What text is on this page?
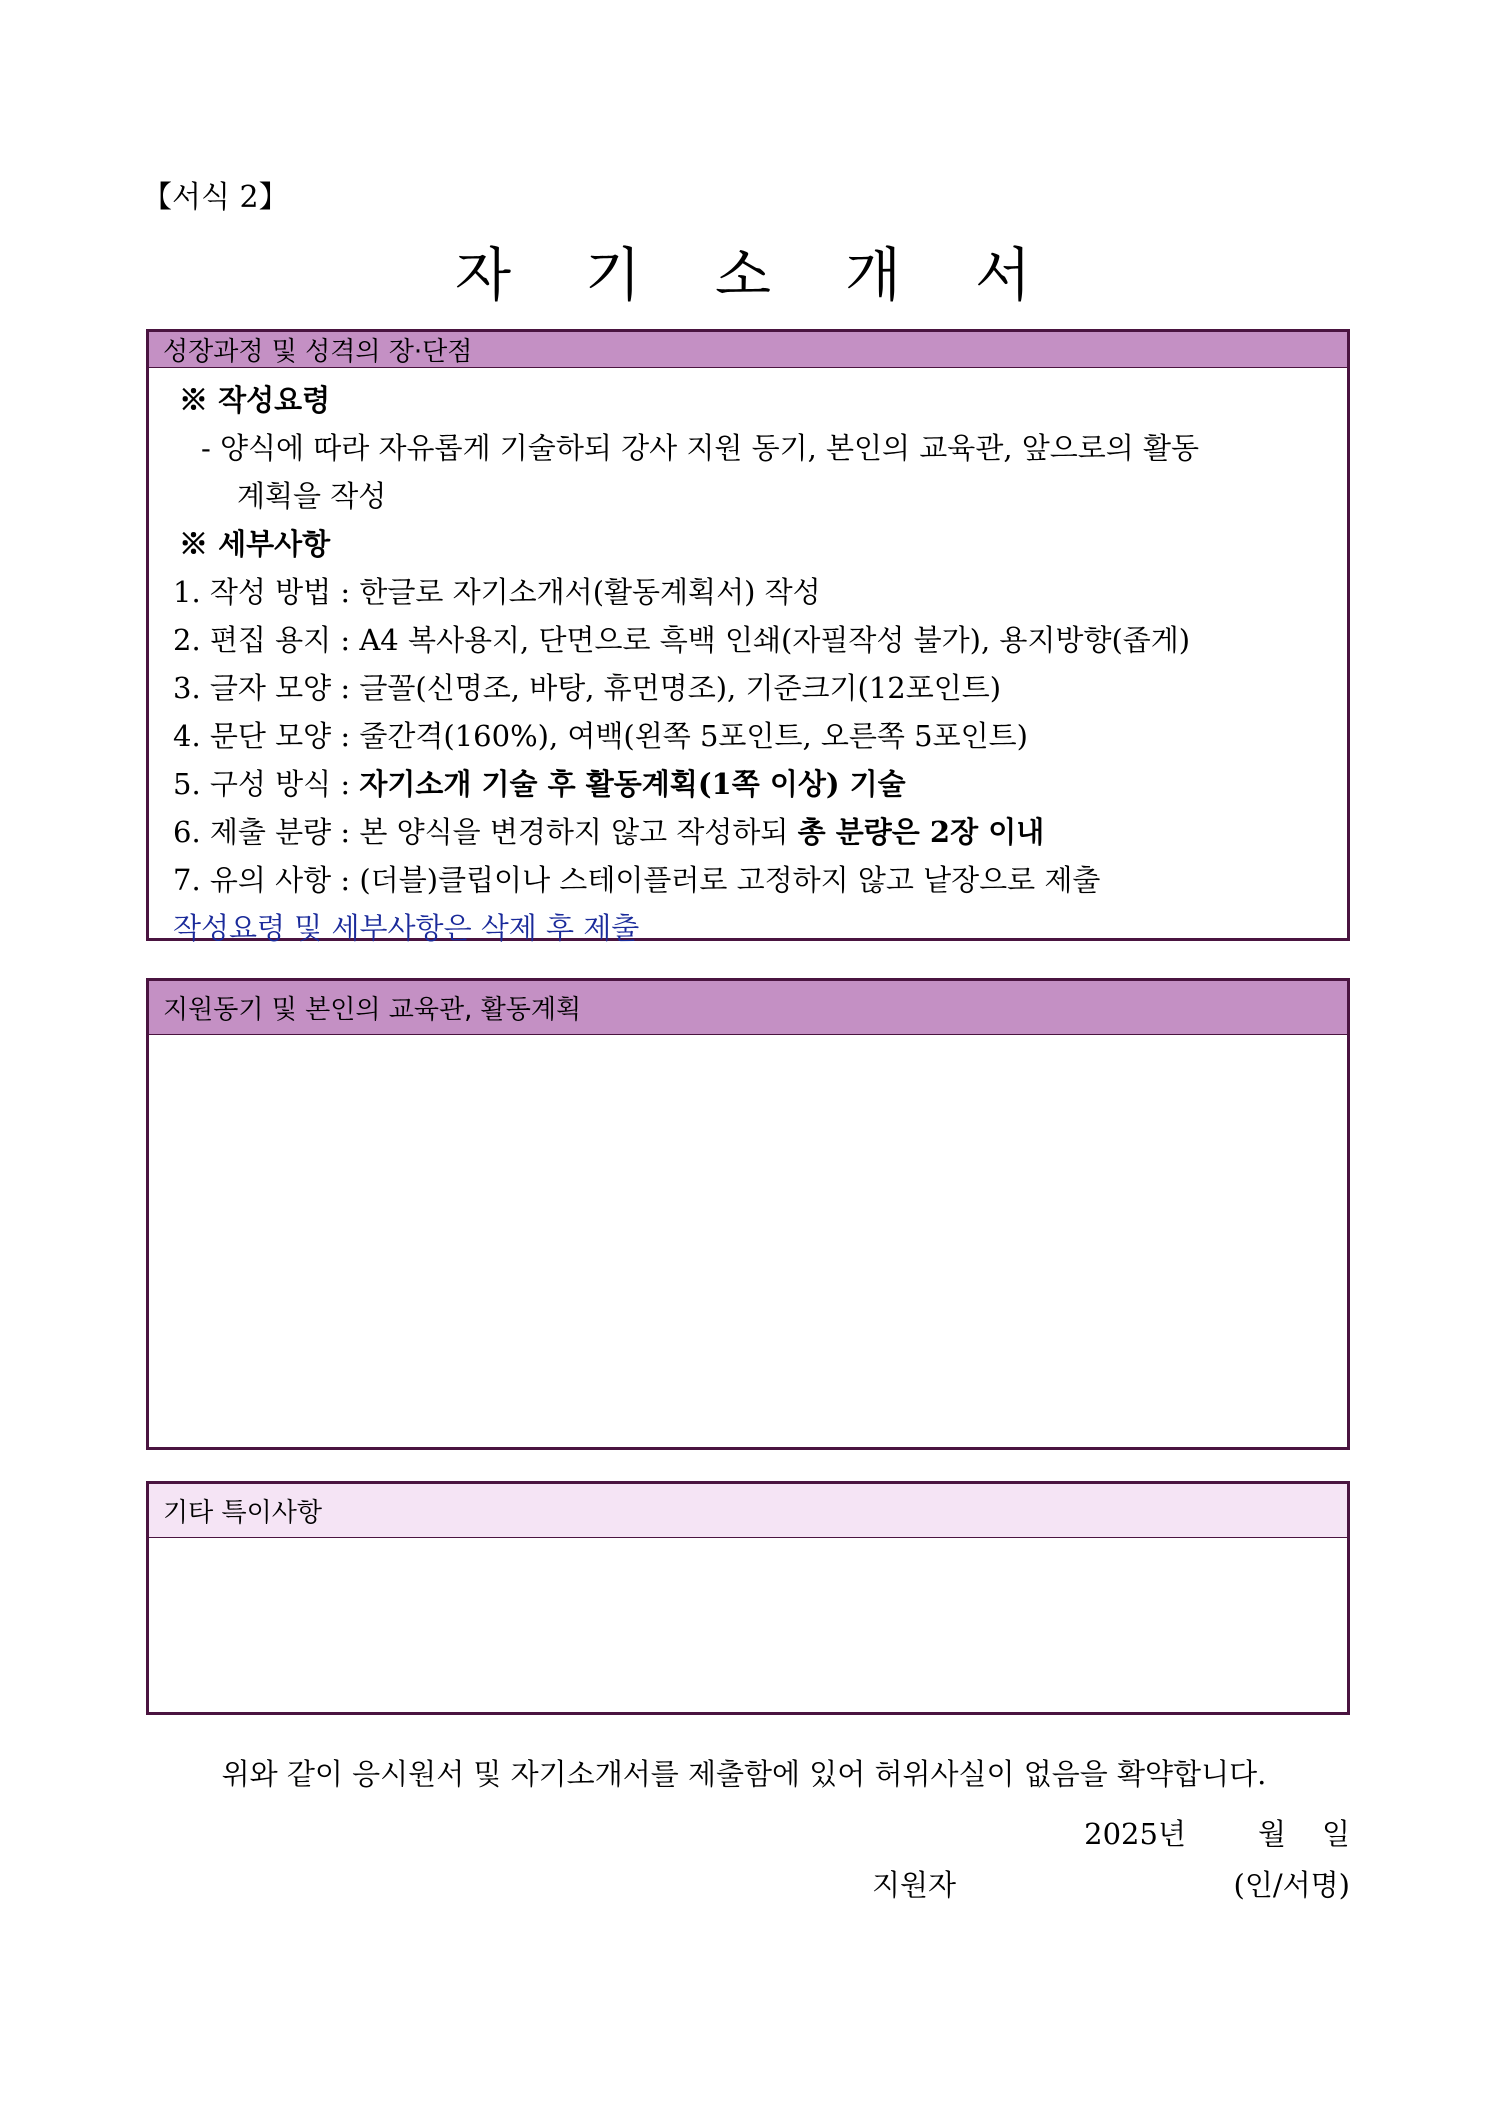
【서식 2】
자 기 소 개 서
성장과정 및 성격의 장·단점
※ 작성요령
- 양식에 따라 자유롭게 기술하되 강사 지원 동기, 본인의 교육관, 앞으로의 활동
계획을 작성
※ 세부사항
1. 작성 방법 : 한글로 자기소개서(활동계획서) 작성
2. 편집 용지 : A4 복사용지, 단면으로 흑백 인쇄(자필작성 불가), 용지방향(좁게)
3. 글자 모양 : 글꼴(신명조, 바탕, 휴먼명조), 기준크기(12포인트)
4. 문단 모양 : 줄간격(160%), 여백(왼쪽 5포인트, 오른쪽 5포인트)
5. 구성 방식 : 자기소개 기술 후 활동계획(1쪽 이상) 기술
6. 제출 분량 : 본 양식을 변경하지 않고 작성하되 총 분량은 2장 이내
7. 유의 사항 : (더블)클립이나 스테이플러로 고정하지 않고 낱장으로 제출
작성요령 및 세부사항은 삭제 후 제출
지원동기 및 본인의 교육관, 활동계획
기타 특이사항
위와 같이 응시원서 및 자기소개서를 제출함에 있어 허위사실이 없음을 확약합니다.
2025년 월 일
지원자	(인/서명)
